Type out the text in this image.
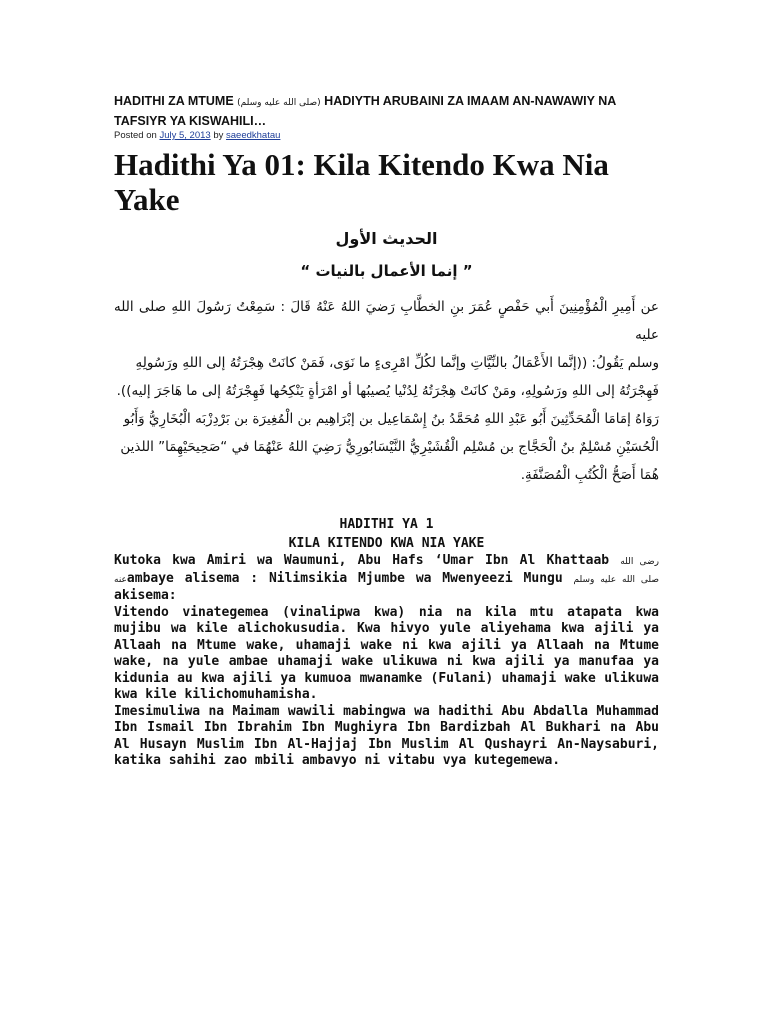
HADITHI ZA MTUME (صلى الله عليه وسلم) HADIYTH ARUBAINI ZA IMAAM AN-NAWAWIY NA TAFSIYR YA KISWAHILI…

Posted on July 5, 2013 by saeedkhatau

Hadithi Ya 01: Kila Kitendo Kwa Nia Yake
الحديث الأول
” إنما الأعمال بالنيات “

عن أَمِيرِ الْمُؤْمِنِينَ أَبي حَفْصٍ عُمَرَ بنِ الخطَّابِ رَضيَ اللهُ عَنْهُ قَالَ : سَمِعْتُ رَسُولَ اللهِ صلى الله عليه
وسلم يَقُولُ: ((إنَّما الأَعْمَالُ بالنِّيَّاتِ وإنَّما لكُلِّ امْرِىءٍ ما نَوَى، فَمَنْ كانَتْ هِجْرَتُهُ إلى اللهِ ورَسُولِهِ
فَهِجْرَتُهُ إلى اللهِ ورَسُولِهِ، ومَنْ كانَتْ هِجْرَتُهُ لِدُنْيا يُصيبُها أو امْرَأةٍ يَنْكِحُها فَهِجْرَتُهُ إلى ما هَاجَرَ إليه)).
رَوَاهُ إمَامَا الْمُحَدِّثِينَ أَبُو عَبْدِ اللهِ مُحَمَّدُ بنُ إِسْمَاعِيل بن إبْرَاهِيم بن الْمُغِيرَة بن بَرْدِزْبَه الْبُخَارِيُّ وَأَبُو
الْحُسَيْنِ مُسْلِمٌ بنُ الْحَجَّاج بن مُسْلِم الْقُشَيْرِيُّ النَّيْسَابُورِيُّ رَضِيَ اللهُ عَنْهُمَا في “صَحِيحَيْهِمَا” اللذين
هُمَا أَصَحُّ الْكُتُبِ الْمُصَنَّفَةِ.

HADITHI YA 1

KILA KITENDO KWA NIA YAKE

Kutoka kwa Amiri wa Waumuni, Abu Hafs ‘Umar Ibn Al Khattaab رضى الله عنهambaye alisema : Nilimsikia Mjumbe wa Mwenyeezi Mungu صلى الله عليه وسلم akisema:

Vitendo vinategemea (vinalipwa kwa) nia na kila mtu atapata kwa mujibu wa kile alichokusudia. Kwa hivyo yule aliyehama kwa ajili ya Allaah na Mtume wake, uhamaji wake ni kwa ajili ya Allaah na Mtume wake, na yule ambae uhamaji wake ulikuwa ni kwa ajili ya manufaa ya kidunia au kwa ajili ya kumuoa mwanamke (Fulani) uhamaji wake ulikuwa kwa kile kilichomuhamisha.

Imesimuliwa na Maimam wawili mabingwa wa hadithi Abu Abdalla Muhammad Ibn Ismail Ibn Ibrahim Ibn Mughiyra Ibn Bardizbah Al Bukhari na Abu Al Husayn Muslim Ibn Al-Hajjaj Ibn Muslim Al Qushayri An-Naysaburi, katika sahihi zao mbili ambavyo ni vitabu vya kutegemewa.
